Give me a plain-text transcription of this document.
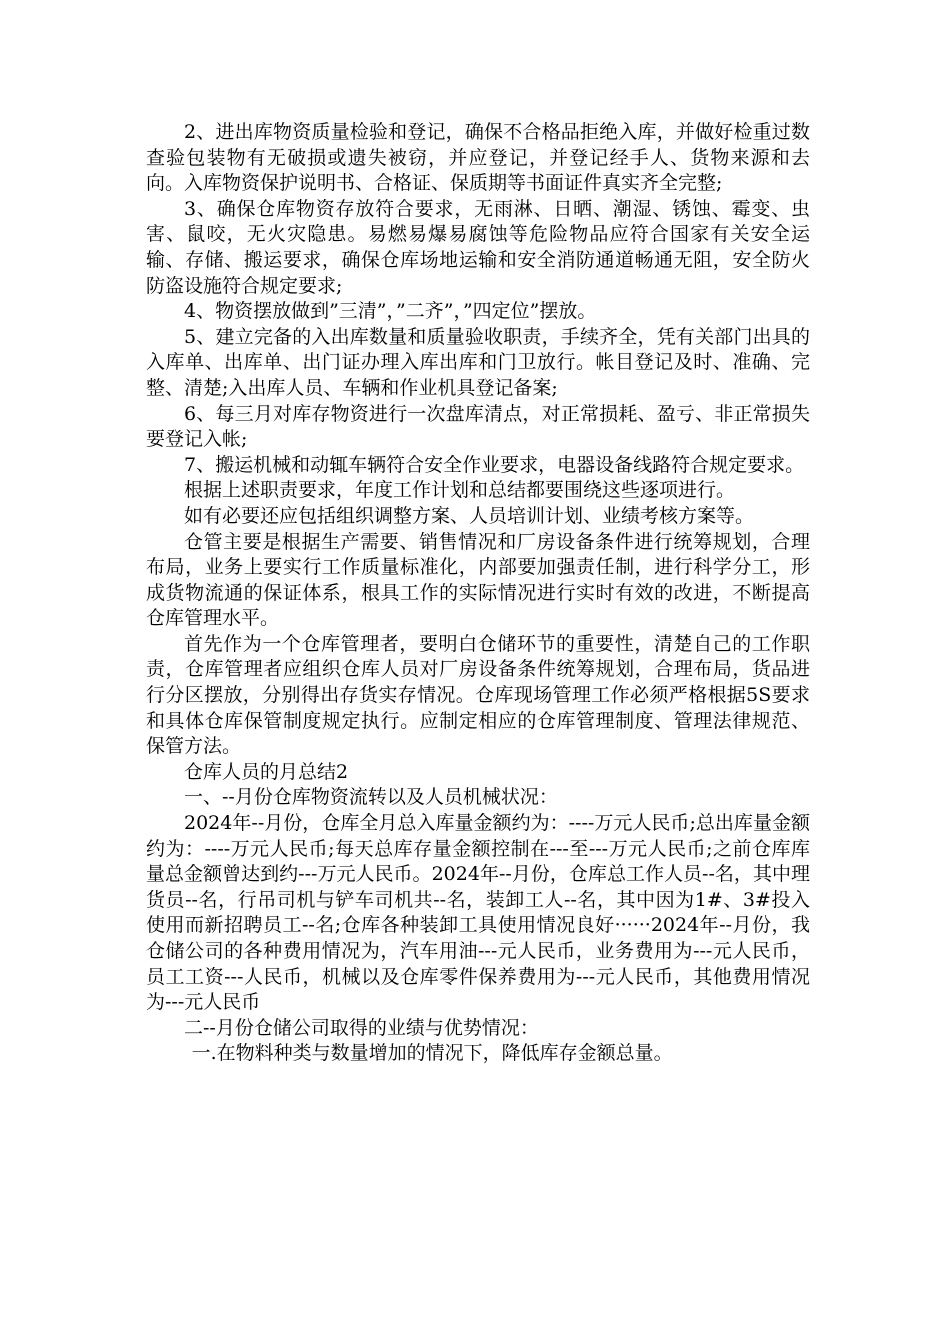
2、进出库物资质量检验和登记，确保不合格品拒绝入库，并做好检重过数查验包装物有无破损或遗失被窃，并应登记，并登记经手人、货物来源和去向。入库物资保护说明书、合格证、保质期等书面证件真实齐全完整;

3、确保仓库物资存放符合要求，无雨淋、日晒、潮湿、锈蚀、霉变、虫害、鼠咬，无火灾隐患。易燃易爆易腐蚀等危险物品应符合国家有关安全运输、存储、搬运要求，确保仓库场地运输和安全消防通道畅通无阻，安全防火防盗设施符合规定要求;

4、物资摆放做到”三清”，”二齐”，”四定位”摆放。

5、建立完备的入出库数量和质量验收职责，手续齐全，凭有关部门出具的入库单、出库单、出门证办理入库出库和门卫放行。帐目登记及时、准确、完整、清楚;入出库人员、车辆和作业机具登记备案;

6、每三月对库存物资进行一次盘库清点，对正常损耗、盈亏、非正常损失要登记入帐;

7、搬运机械和动辄车辆符合安全作业要求，电器设备线路符合规定要求。

根据上述职责要求，年度工作计划和总结都要围绕这些逐项进行。

如有必要还应包括组织调整方案、人员培训计划、业绩考核方案等。

仓管主要是根据生产需要、销售情况和厂房设备条件进行统筹规划，合理布局，业务上要实行工作质量标准化，内部要加强责任制，进行科学分工，形成货物流通的保证体系，根具工作的实际情况进行实时有效的改进，不断提高仓库管理水平。

首先作为一个仓库管理者，要明白仓储环节的重要性，清楚自己的工作职责，仓库管理者应组织仓库人员对厂房设备条件统筹规划，合理布局，货品进行分区摆放，分别得出存货实存情况。仓库现场管理工作必须严格根据5S要求和具体仓库保管制度规定执行。应制定相应的仓库管理制度、管理法律规范、保管方法。

仓库人员的月总结2

一、--月份仓库物资流转以及人员机械状况：

2024年--月份，仓库全月总入库量金额约为：----万元人民币;总出库量金额约为：----万元人民币;每天总库存量金额控制在---至---万元人民币;之前仓库库量总金额曾达到约---万元人民币。2024年--月份，仓库总工作人员--名，其中理货员--名，行吊司机与铲车司机共--名，装卸工人--名，其中因为1#、3#投入使用而新招聘员工--名;仓库各种装卸工具使用情况良好······2024年--月份，我仓储公司的各种费用情况为，汽车用油---元人民币，业务费用为---元人民币，员工工资---人民币，机械以及仓库零件保养费用为---元人民币，其他费用情况为---元人民币

二--月份仓储公司取得的业绩与优势情况：

一.在物料种类与数量增加的情况下，降低库存金额总量。
